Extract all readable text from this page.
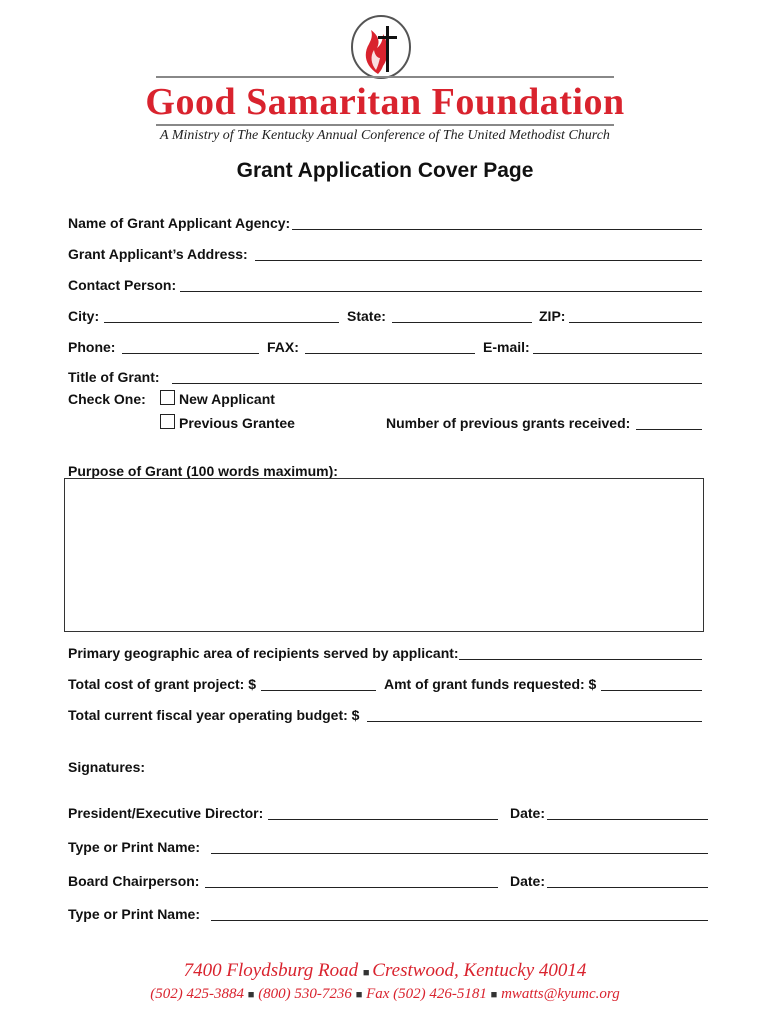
Good Samaritan Foundation
A Ministry of The Kentucky Annual Conference of The United Methodist Church
Grant Application Cover Page
Name of Grant Applicant Agency:
Grant Applicant’s Address:
Contact Person:
City:	State:	ZIP:
Phone:	FAX:	E-mail:
Title of Grant:
Check One: New Applicant
Previous Grantee	Number of previous grants received:
Purpose of Grant (100 words maximum):
Primary geographic area of recipients served by applicant:
Total cost of grant project: $	Amt of grant funds requested: $
Total current fiscal year operating budget: $
Signatures:
President/Executive Director:	Date:
Type or Print Name:
Board Chairperson:	Date:
Type or Print Name:
7400 Floydsburg Road ■ Crestwood, Kentucky 40014
(502) 425-3884 ■ (800) 530-7236 ■ Fax (502) 426-5181 ■ mwatts@kyumc.org
